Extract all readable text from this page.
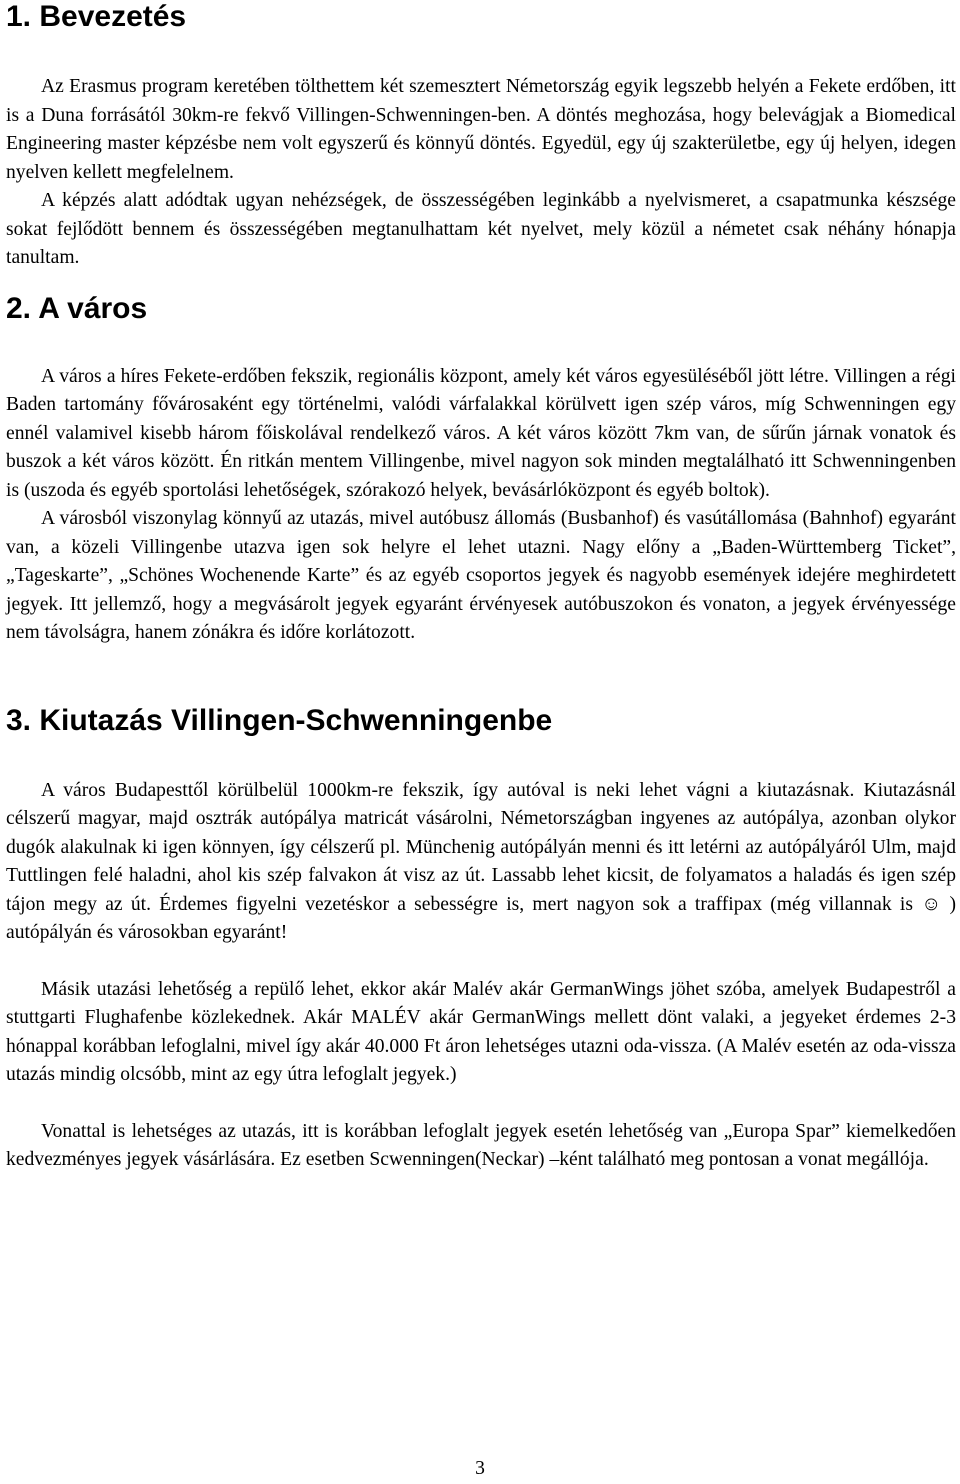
1. Bevezetés

Az Erasmus program keretében tölthettem két szemesztert Németország egyik legszebb helyén a Fekete erdőben, itt is a Duna forrásától 30km-re fekvő Villingen-Schwenningen-ben. A döntés meghozása, hogy belevágjak a Biomedical Engineering master képzésbe nem volt egyszerű és könnyű döntés. Egyedül, egy új szakterületbe, egy új helyen, idegen nyelven kellett megfelelnem.

A képzés alatt adódtak ugyan nehézségek, de összességében leginkább a nyelvismeret, a csapatmunka készsége sokat fejlődött bennem és összességében megtanulhattam két nyelvet, mely közül a németet csak néhány hónapja tanultam.

2. A város

A város a híres Fekete-erdőben fekszik, regionális központ, amely két város egyesüléséből jött létre. Villingen a régi Baden tartomány fővárosaként egy történelmi, valódi várfalakkal körülvett igen szép város, míg Schwenningen egy ennél valamivel kisebb három főiskolával rendelkező város. A két város között 7km van, de sűrűn járnak vonatok és buszok a két város között. Én ritkán mentem Villingenbe, mivel nagyon sok minden megtalálható itt Schwenningenben is (uszoda és egyéb sportolási lehetőségek, szórakozó helyek, bevásárlóközpont és egyéb boltok).

A városból viszonylag könnyű az utazás, mivel autóbusz állomás (Busbanhof) és vasútállomása (Bahnhof) egyaránt van, a közeli Villingenbe utazva igen sok helyre el lehet utazni. Nagy előny a „Baden-Württemberg Ticket”, „Tageskarte”, „Schönes Wochenende Karte” és az egyéb csoportos jegyek és nagyobb események idejére meghirdetett jegyek. Itt jellemző, hogy a megvásárolt jegyek egyaránt érvényesek autóbuszokon és vonaton, a jegyek érvényessége nem távolságra, hanem zónákra és időre korlátozott.

3. Kiutazás Villingen-Schwenningenbe

A város Budapesttől körülbelül 1000km-re fekszik, így autóval is neki lehet vágni a kiutazásnak. Kiutazásnál célszerű magyar, majd osztrák autópálya matricát vásárolni, Németországban ingyenes az autópálya, azonban olykor dugók alakulnak ki igen könnyen, így célszerű pl. Münchenig autópályán menni és itt letérni az autópályáról Ulm, majd Tuttlingen felé haladni, ahol kis szép falvakon át visz az út. Lassabb lehet kicsit, de folyamatos a haladás és igen szép tájon megy az út. Érdemes figyelni vezetéskor a sebességre is, mert nagyon sok a traffipax (még villannak is ☺ ) autópályán és városokban egyaránt!

Másik utazási lehetőség a repülő lehet, ekkor akár Malév akár GermanWings jöhet szóba, amelyek Budapestről a stuttgarti Flughafenbe közlekednek. Akár MALÉV akár GermanWings mellett dönt valaki, a jegyeket érdemes 2-3 hónappal korábban lefoglalni, mivel így akár 40.000 Ft áron lehetséges utazni oda-vissza. (A Malév esetén az oda-vissza utazás mindig olcsóbb, mint az egy útra lefoglalt jegyek.)

Vonattal is lehetséges az utazás, itt is korábban lefoglalt jegyek esetén lehetőség van „Europa Spar” kiemelkedően kedvezményes jegyek vásárlására. Ez esetben Scwenningen(Neckar) –ként található meg pontosan a vonat megállója.

3
